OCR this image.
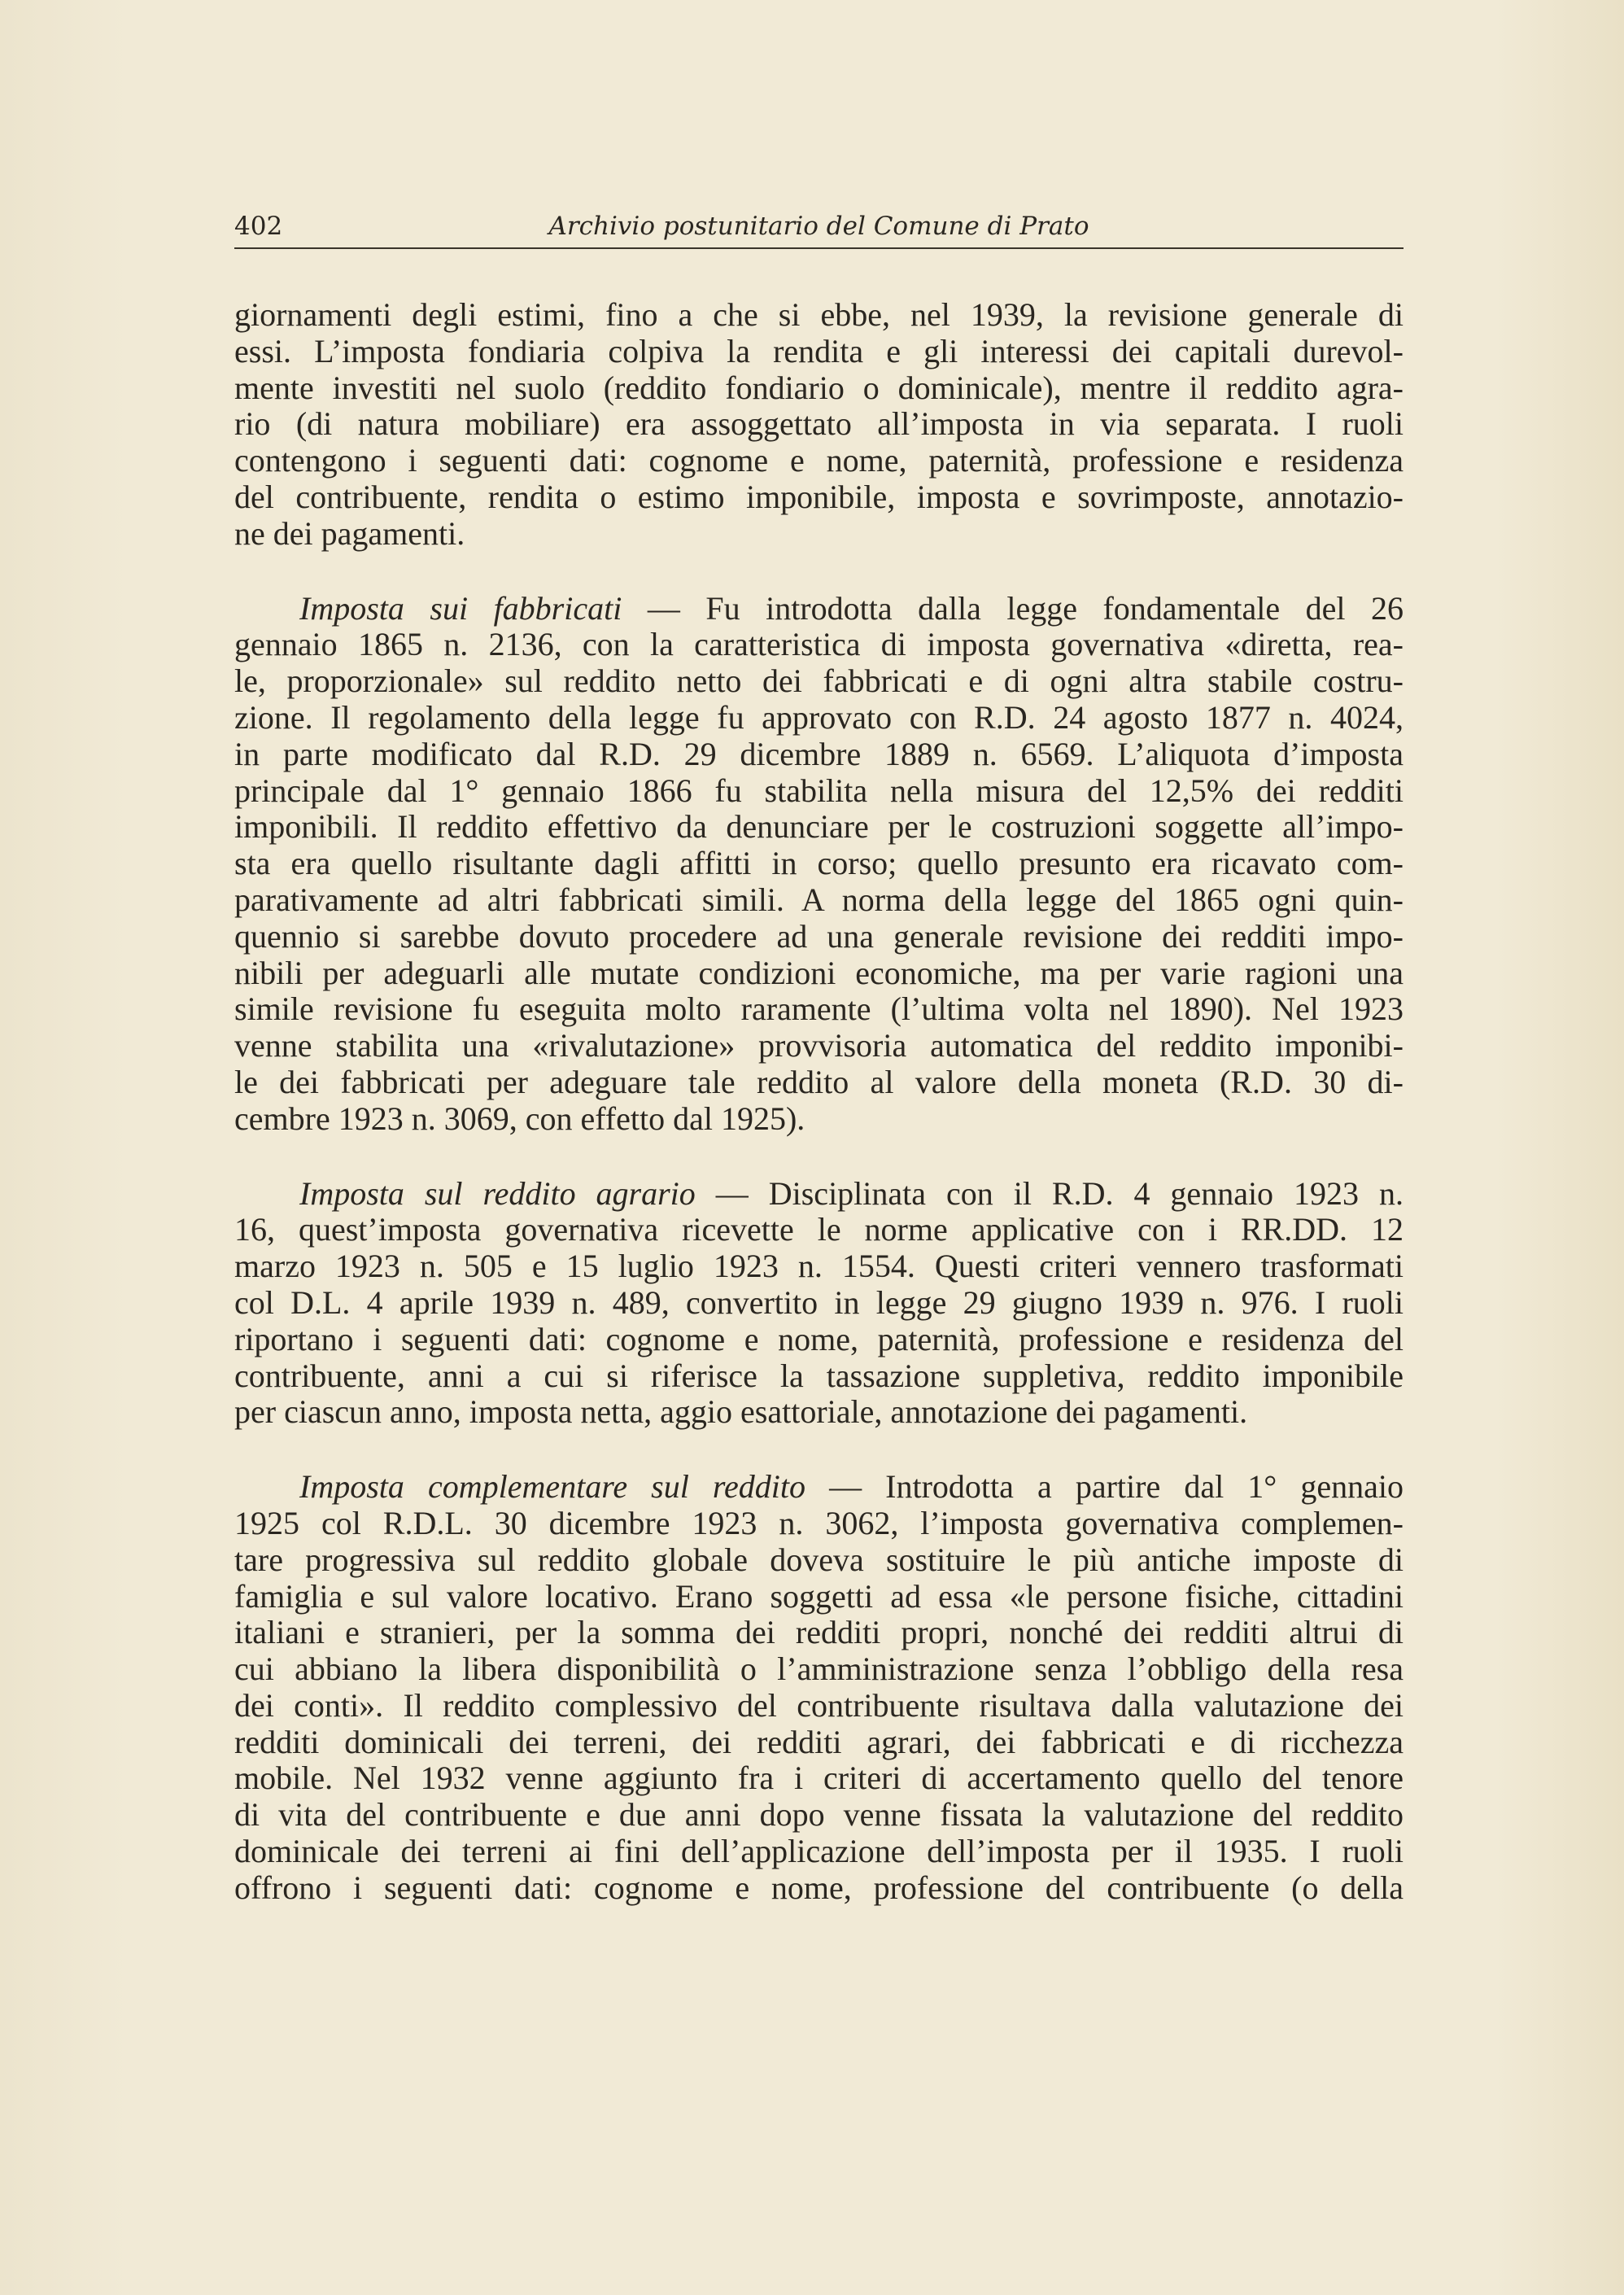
402	Archivio postunitario del Comune di Prato

giornamenti degli estimi, fino a che si ebbe, nel 1939, la revisione generale di
essi. L’imposta fondiaria colpiva la rendita e gli interessi dei capitali durevol-
mente investiti nel suolo (reddito fondiario o dominicale), mentre il reddito agra-
rio (di natura mobiliare) era assoggettato all’imposta in via separata. I ruoli
contengono i seguenti dati: cognome e nome, paternità, professione e residenza
del contribuente, rendita o estimo imponibile, imposta e sovrimposte, annotazio-
ne dei pagamenti.

Imposta sui fabbricati — Fu introdotta dalla legge fondamentale del 26
gennaio 1865 n. 2136, con la caratteristica di imposta governativa «diretta, rea-
le, proporzionale» sul reddito netto dei fabbricati e di ogni altra stabile costru-
zione. Il regolamento della legge fu approvato con R.D. 24 agosto 1877 n. 4024,
in parte modificato dal R.D. 29 dicembre 1889 n. 6569. L’aliquota d’imposta
principale dal 1° gennaio 1866 fu stabilita nella misura del 12,5% dei redditi
imponibili. Il reddito effettivo da denunciare per le costruzioni soggette all’impo-
sta era quello risultante dagli affitti in corso; quello presunto era ricavato com-
parativamente ad altri fabbricati simili. A norma della legge del 1865 ogni quin-
quennio si sarebbe dovuto procedere ad una generale revisione dei redditi impo-
nibili per adeguarli alle mutate condizioni economiche, ma per varie ragioni una
simile revisione fu eseguita molto raramente (l’ultima volta nel 1890). Nel 1923
venne stabilita una «rivalutazione» provvisoria automatica del reddito imponibi-
le dei fabbricati per adeguare tale reddito al valore della moneta (R.D. 30 di-
cembre 1923 n. 3069, con effetto dal 1925).

Imposta sul reddito agrario — Disciplinata con il R.D. 4 gennaio 1923 n.
16, quest’imposta governativa ricevette le norme applicative con i RR.DD. 12
marzo 1923 n. 505 e 15 luglio 1923 n. 1554. Questi criteri vennero trasformati
col D.L. 4 aprile 1939 n. 489, convertito in legge 29 giugno 1939 n. 976. I ruoli
riportano i seguenti dati: cognome e nome, paternità, professione e residenza del
contribuente, anni a cui si riferisce la tassazione suppletiva, reddito imponibile
per ciascun anno, imposta netta, aggio esattoriale, annotazione dei pagamenti.

Imposta complementare sul reddito — Introdotta a partire dal 1° gennaio
1925 col R.D.L. 30 dicembre 1923 n. 3062, l’imposta governativa complemen-
tare progressiva sul reddito globale doveva sostituire le più antiche imposte di
famiglia e sul valore locativo. Erano soggetti ad essa «le persone fisiche, cittadini
italiani e stranieri, per la somma dei redditi propri, nonché dei redditi altrui di
cui abbiano la libera disponibilità o l’amministrazione senza l’obbligo della resa
dei conti». Il reddito complessivo del contribuente risultava dalla valutazione dei
redditi dominicali dei terreni, dei redditi agrari, dei fabbricati e di ricchezza
mobile. Nel 1932 venne aggiunto fra i criteri di accertamento quello del tenore
di vita del contribuente e due anni dopo venne fissata la valutazione del reddito
dominicale dei terreni ai fini dell’applicazione dell’imposta per il 1935. I ruoli
offrono i seguenti dati: cognome e nome, professione del contribuente (o della
